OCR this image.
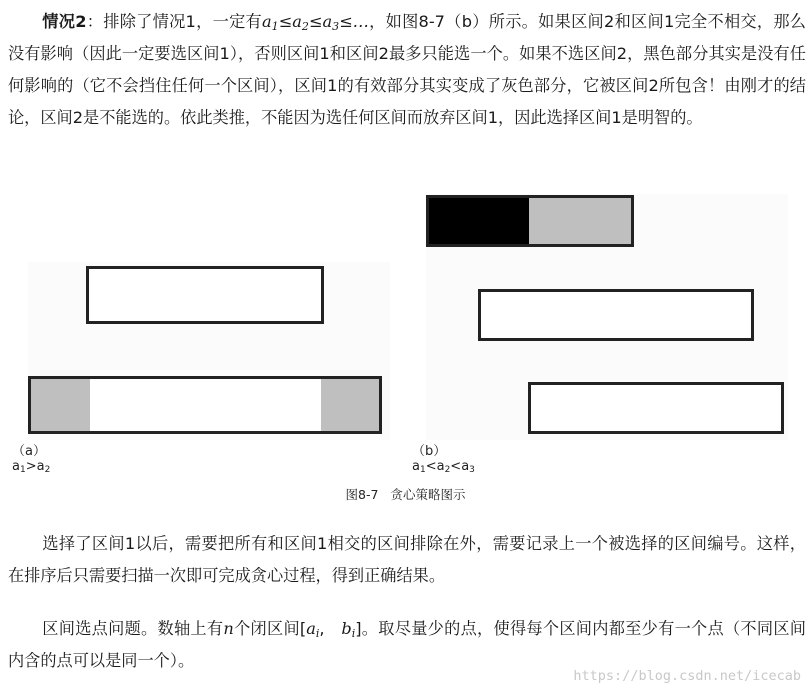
情况2：排除了情况1，一定有$a_1\le a_2\le a_3\le\dots$，如图8-7（b）所示。如果区间2和区间1完全不相交，那么没有影响（因此一定要选区间1），否则区间1和区间2最多只能选一个。如果不选区间2，黑色部分其实是没有任何影响的（它不会挡住任何一个区间），区间1的有效部分其实变成了灰色部分，它被区间2所包含！由刚才的结论，区间2是不能选的。依此类推，不能因为选任何区间而放弃区间1，因此选择区间1是明智的。

$(a)a_1>a_2$
$(b)a_1<a_2<a_3$
图8-7 贪心策略图示

选择了区间1以后，需要把所有和区间1相交的区间排除在外，需要记录上一个被选择的区间编号。这样，在排序后只需要扫描一次即可完成贪心过程，得到正确结果。

区间选点问题。数轴上有n个闭区间[$a_i$,　$b_i$]。取尽量少的点，使得每个区间内都至少有一个点（不同区间内含的点可以是同一个）。

https://blog.csdn.net/icecab
